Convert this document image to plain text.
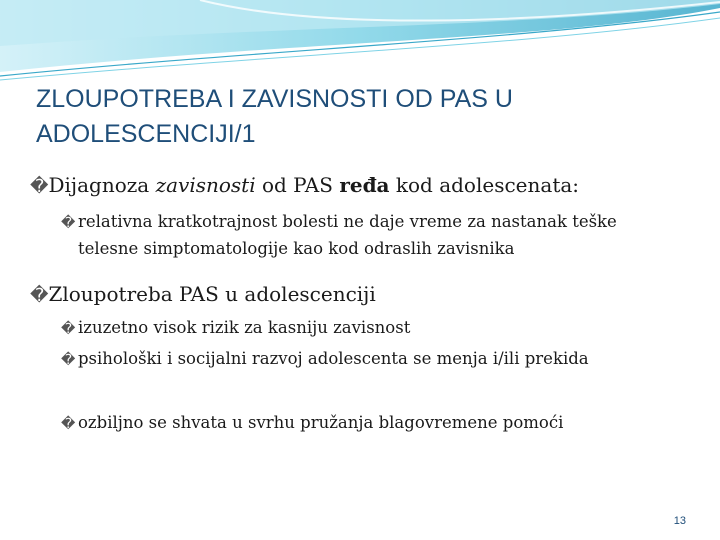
ZLOUPOTREBA I ZAVISNOSTI OD PAS U ADOLESCENCIJI/1
�Dijagnoza zavisnosti od PAS ređa kod adolescenata:
� relativna kratkotrajnost bolesti ne daje vreme za nastanak teške telesne simptomatologije kao kod odraslih zavisnika
�Zloupotreba PAS u adolescenciji
� izuzetno visok rizik za kasniju zavisnost
� psihološki i socijalni razvoj adolescenta se menja i/ili prekida
� ozbiljno se shvata u svrhu pružanja blagovremene pomoći
13
